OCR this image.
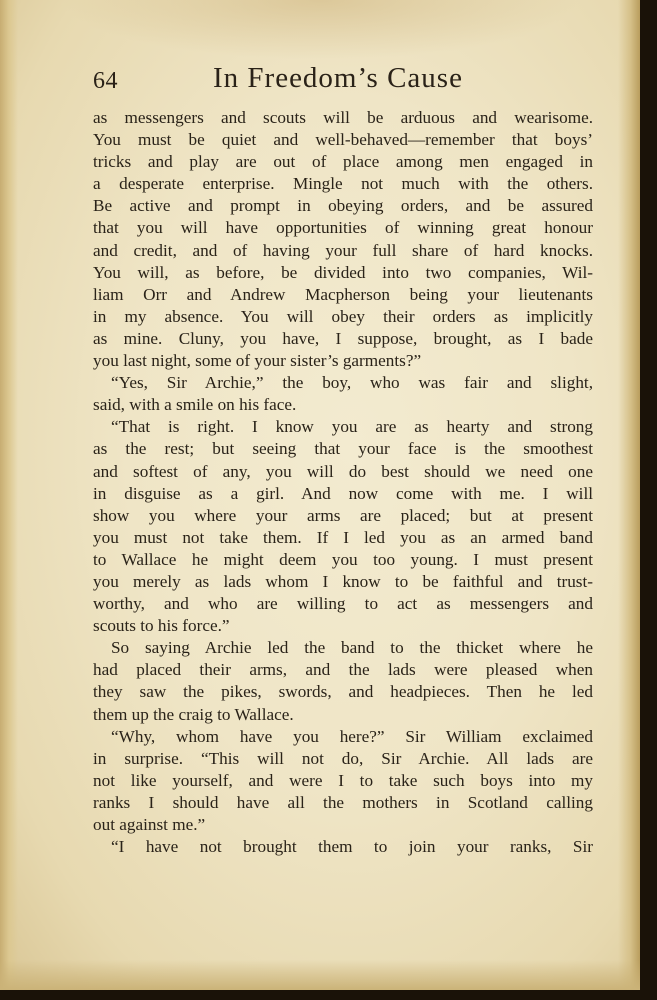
64	In Freedom’s Cause
as messengers and scouts will be arduous and wearisome.
You must be quiet and well-behaved—remember that boys’
tricks and play are out of place among men engaged in
a desperate enterprise. Mingle not much with the others.
Be active and prompt in obeying orders, and be assured
that you will have opportunities of winning great honour
and credit, and of having your full share of hard knocks.
You will, as before, be divided into two companies, Wil-
liam Orr and Andrew Macpherson being your lieutenants
in my absence. You will obey their orders as implicitly
as mine. Cluny, you have, I suppose, brought, as I bade
you last night, some of your sister’s garments?”
“Yes, Sir Archie,” the boy, who was fair and slight,
said, with a smile on his face.
“That is right. I know you are as hearty and strong
as the rest; but seeing that your face is the smoothest
and softest of any, you will do best should we need one
in disguise as a girl. And now come with me. I will
show you where your arms are placed; but at present
you must not take them. If I led you as an armed band
to Wallace he might deem you too young. I must present
you merely as lads whom I know to be faithful and trust-
worthy, and who are willing to act as messengers and
scouts to his force.”
So saying Archie led the band to the thicket where he
had placed their arms, and the lads were pleased when
they saw the pikes, swords, and headpieces. Then he led
them up the craig to Wallace.
“Why, whom have you here?” Sir William exclaimed
in surprise. “This will not do, Sir Archie. All lads are
not like yourself, and were I to take such boys into my
ranks I should have all the mothers in Scotland calling
out against me.”
“I have not brought them to join your ranks, Sir
